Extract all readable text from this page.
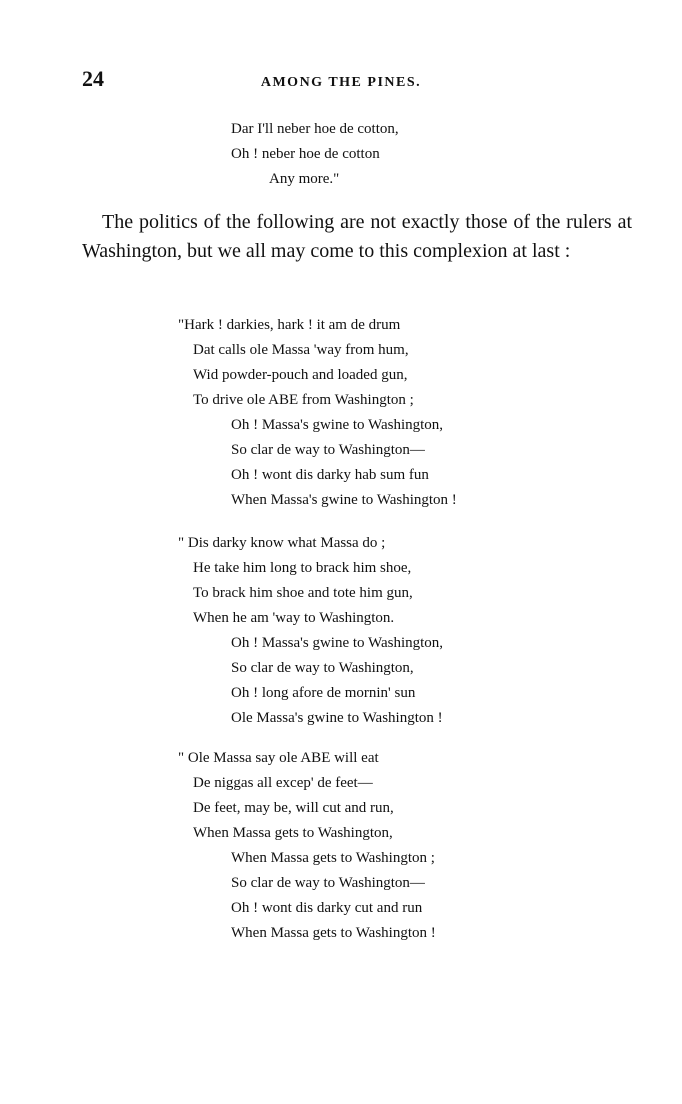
24	AMONG THE PINES.
Dar I'll neber hoe de cotton,
Oh ! neber hoe de cotton
Any more."

The politics of the following are not exactly those of the rulers at Washington, but we all may come to this complexion at last :

"Hark ! darkies, hark ! it am de drum
Dat calls ole Massa 'way from hum,
Wid powder-pouch and loaded gun,
To drive ole ABE from Washington ;
Oh ! Massa's gwine to Washington,
So clar de way to Washington—
Oh ! wont dis darky hab sum fun
When Massa's gwine to Washington !
" Dis darky know what Massa do ;
He take him long to brack him shoe,
To brack him shoe and tote him gun,
When he am 'way to Washington.
Oh ! Massa's gwine to Washington,
So clar de way to Washington,
Oh ! long afore de mornin' sun
Ole Massa's gwine to Washington !
" Ole Massa say ole ABE will eat
De niggas all excep' de feet—
De feet, may be, will cut and run,
When Massa gets to Washington,
When Massa gets to Washington ;
So clar de way to Washington—
Oh ! wont dis darky cut and run
When Massa gets to Washington !
